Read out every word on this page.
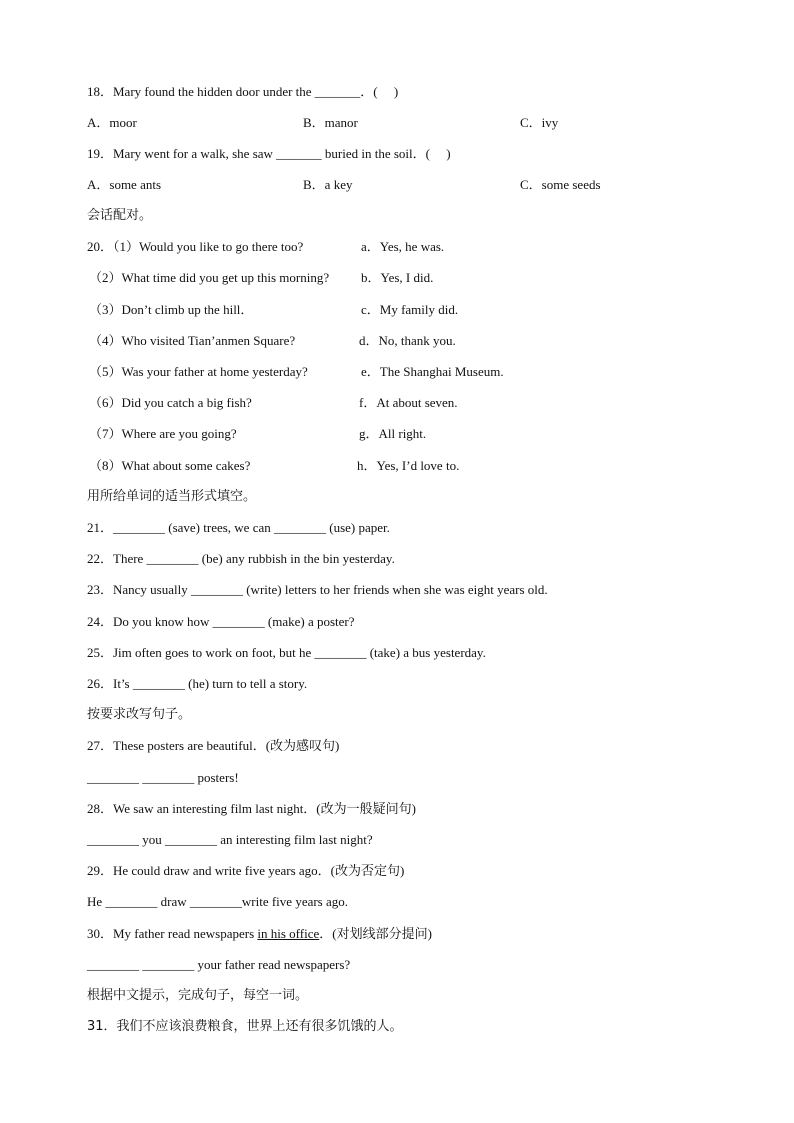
18．Mary found the hidden door under the _______．(     )
A．moor	B．manor	C．ivy
19．Mary went for a walk, she saw _______ buried in the soil．(     )
A．some ants	B．a key	C．some seeds
会话配对。
20．（1）Would you like to go there too?	a．Yes, he was.
（2）What time did you get up this morning? b．Yes, I did.
（3）Don’t climb up the hill．	c．My family did.
（4）Who visited Tian’anmen Square?	d．No, thank you.
（5）Was your father at home yesterday?	e．The Shanghai Museum.
（6）Did you catch a big fish?	f．At about seven.
（7）Where are you going?	g．All right.
（8）What about some cakes?	h．Yes, I’d love to.
用所给单词的适当形式填空。
21．________ (save) trees, we can ________ (use) paper.
22．There ________ (be) any rubbish in the bin yesterday.
23．Nancy usually ________ (write) letters to her friends when she was eight years old.
24．Do you know how ________ (make) a poster?
25．Jim often goes to work on foot, but he ________ (take) a bus yesterday.
26．It’s ________ (he) turn to tell a story.
按要求改写句子。
27．These posters are beautiful．(改为感叹句)
________ ________ posters!
28．We saw an interesting film last night．(改为一般疑问句)
________ you ________ an interesting film last night?
29．He could draw and write five years ago．(改为否定句)
He ________ draw ________write five years ago.
30．My father read newspapers in his office．(对划线部分提问)
________ ________ your father read newspapers?
根据中文提示，完成句子，每空一词。
31．我们不应该浪费粮食，世界上还有很多饥饿的人。
